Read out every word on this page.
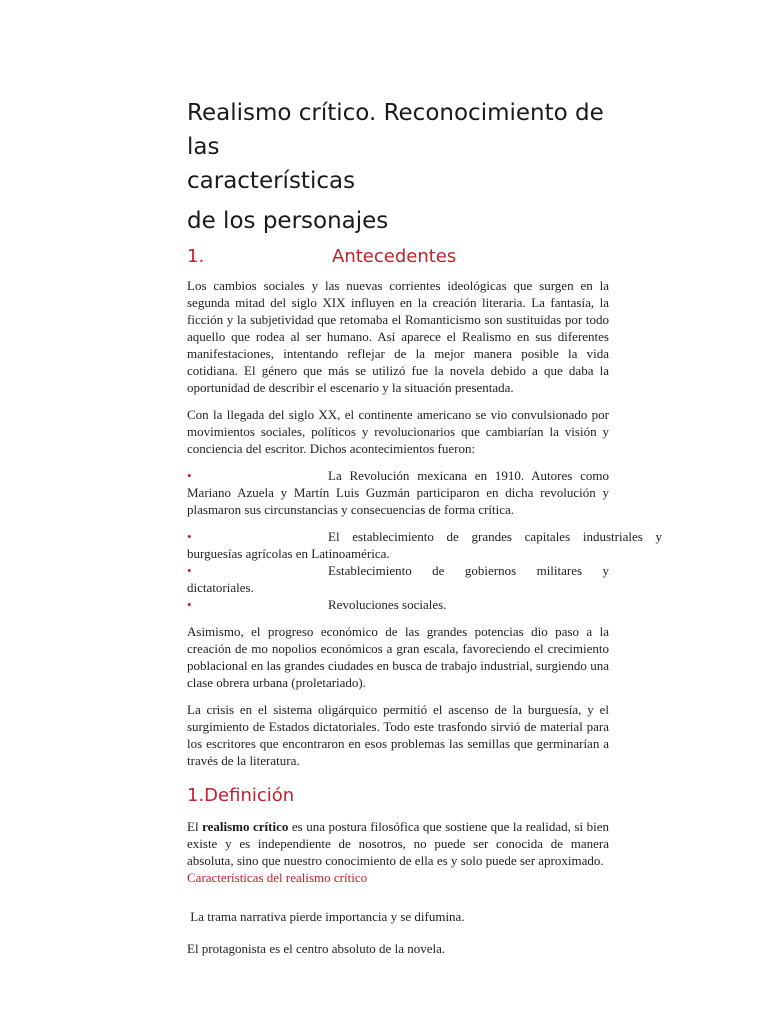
Realismo crítico. Reconocimiento de las
características
de los personajes
1.	Antecedentes

Los cambios sociales y las nuevas corrientes ideológicas que surgen en la segunda mitad del siglo XIX influyen en la creación literaria. La fantasía, la ficción y la subjetividad que retomaba el Romanticismo son sustituidas por todo aquello que rodea al ser humano. Así aparece el Realismo en sus diferentes manifestaciones, intentando reflejar de la mejor manera posible la vida cotidiana. El género que más se utilizó fue la novela debido a que daba la oportunidad de describir el escenario y la situación presentada.

Con la llegada del siglo XX, el continente americano se vio convulsionado por movimientos sociales, políticos y revolucionarios que cambiarían la visión y conciencia del escritor. Dichos acontecimientos fueron:

•	La Revolución mexicana en 1910. Autores como Mariano Azuela y Martín Luis Guzmán participaron en dicha revolución y plasmaron sus circunstancias y consecuencias de forma crítica.
•	El establecimiento de grandes capitales industriales y burguesías agrícolas en Latinoamérica.
•	Establecimiento de gobiernos militares y dictatoriales.
•	Revoluciones sociales.

Asimismo, el progreso económico de las grandes potencias dio paso a la creación de mo nopolios económicos a gran escala, favoreciendo el crecimiento poblacional en las grandes ciudades en busca de trabajo industrial, surgiendo una clase obrera urbana (proletariado).

La crisis en el sistema oligárquico permitió el ascenso de la burguesía, y el surgimiento de Estados dictatoriales. Todo este trasfondo sirvió de material para los escritores que encontraron en esos problemas las semillas que germinarían a través de la literatura.

1.Definición

El realismo crítico es una postura filosófica que sostiene que la realidad, si bien existe y es independiente de nosotros, no puede ser conocida de manera absoluta, sino que nuestro conocimiento de ella es y solo puede ser aproximado.

Características del realismo crítico

La trama narrativa pierde importancia y se difumina.

El protagonista es el centro absoluto de la novela.
